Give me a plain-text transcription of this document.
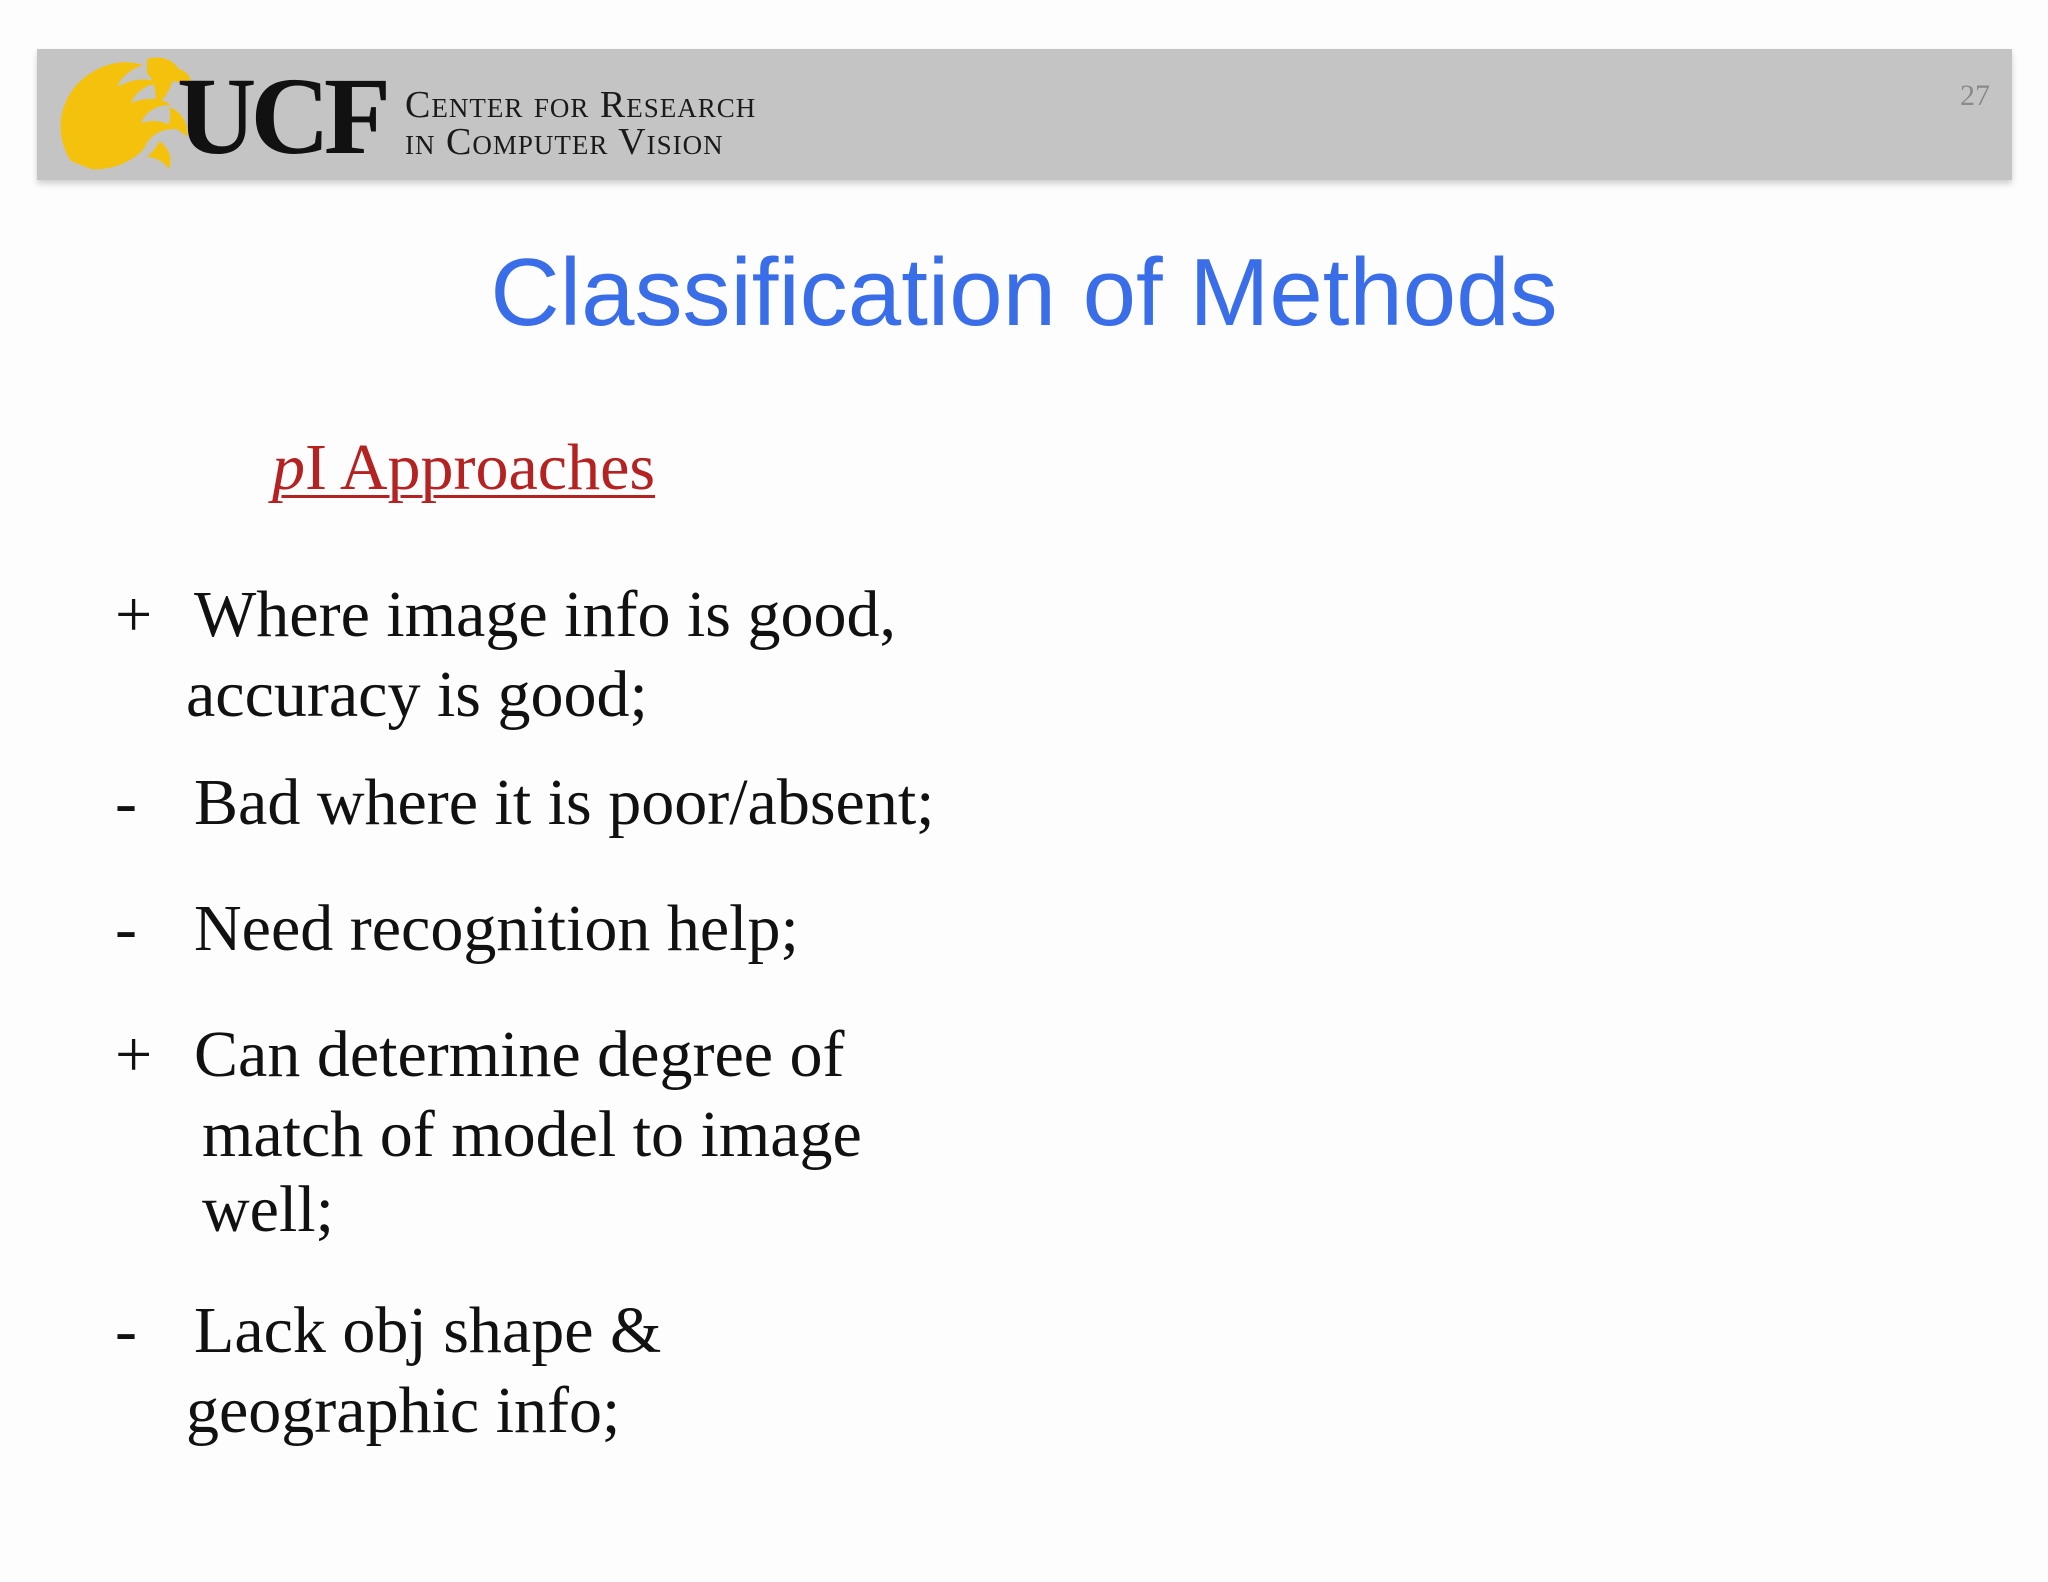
UCF Center for Research
in Computer Vision
27
Classification of Methods
pI Approaches
+ Where image info is good,
accuracy is good;
- Bad where it is poor/absent;
- Need recognition help;
+ Can determine degree of
match of model to image
well;
- Lack obj shape &
geographic info;
